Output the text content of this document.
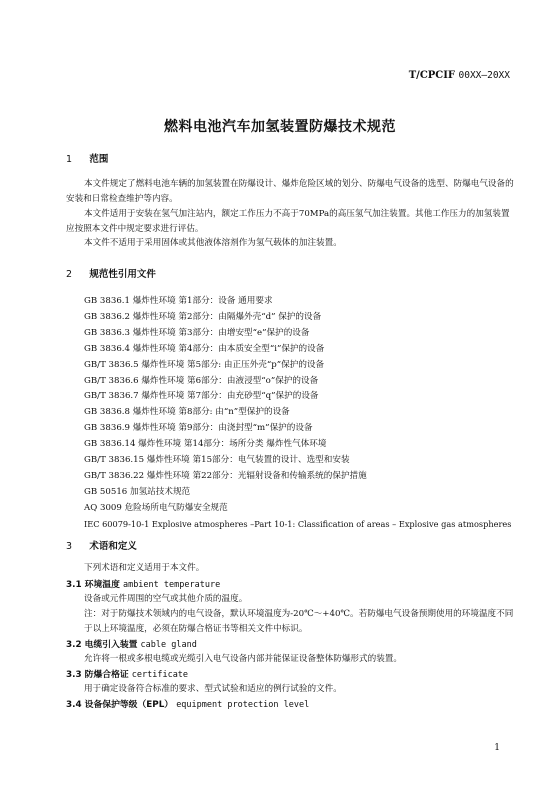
T/CPCIF 00XX—20XX
燃料电池汽车加氢装置防爆技术规范
1 范围
本文件规定了燃料电池车辆的加氢装置在防爆设计、爆炸危险区域的划分、防爆电气设备的选型、防爆电气设备的安装和日常检查维护等内容。
本文件适用于安装在氢气加注站内，额定工作压力不高于70MPa的高压氢气加注装置。其他工作压力的加氢装置应按照本文件中规定要求进行评估。
本文件不适用于采用固体或其他液体溶剂作为氢气载体的加注装置。
2 规范性引用文件
GB 3836.1 爆炸性环境 第1部分：设备 通用要求
GB 3836.2 爆炸性环境 第2部分：由隔爆外壳“d” 保护的设备
GB 3836.3 爆炸性环境 第3部分：由增安型“e”保护的设备
GB 3836.4 爆炸性环境 第4部分：由本质安全型“i”保护的设备
GB/T 3836.5 爆炸性环境 第5部分: 由正压外壳“p”保护的设备
GB/T 3836.6 爆炸性环境 第6部分：由液浸型“o”保护的设备
GB/T 3836.7 爆炸性环境 第7部分：由充砂型“q”保护的设备
GB 3836.8 爆炸性环境 第8部分: 由“n”型保护的设备
GB 3836.9 爆炸性环境 第9部分：由浇封型“m”保护的设备
GB 3836.14 爆炸性环境 第14部分：场所分类 爆炸性气体环境
GB/T 3836.15 爆炸性环境 第15部分：电气装置的设计、选型和安装
GB/T 3836.22 爆炸性环境 第22部分：光辐射设备和传输系统的保护措施
GB 50516 加氢站技术规范
AQ 3009 危险场所电气防爆安全规范
IEC 60079-10-1 Explosive atmospheres –Part 10-1: Classification of areas – Explosive gas atmospheres
3 术语和定义
下列术语和定义适用于本文件。
3.1 环境温度 ambient temperature
设备或元件周围的空气或其他介质的温度。
注：对于防爆技术领域内的电气设备，默认环境温度为-20℃～+40℃。若防爆电气设备预期使用的环境温度不同于以上环境温度，必须在防爆合格证书等相关文件中标识。
3.2 电缆引入装置 cable gland
允许将一根或多根电缆或光缆引入电气设备内部并能保证设备整体防爆形式的装置。
3.3 防爆合格证 certificate
用于确定设备符合标准的要求、型式试验和适应的例行试验的文件。
3.4 设备保护等级（EPL） equipment protection level
1
